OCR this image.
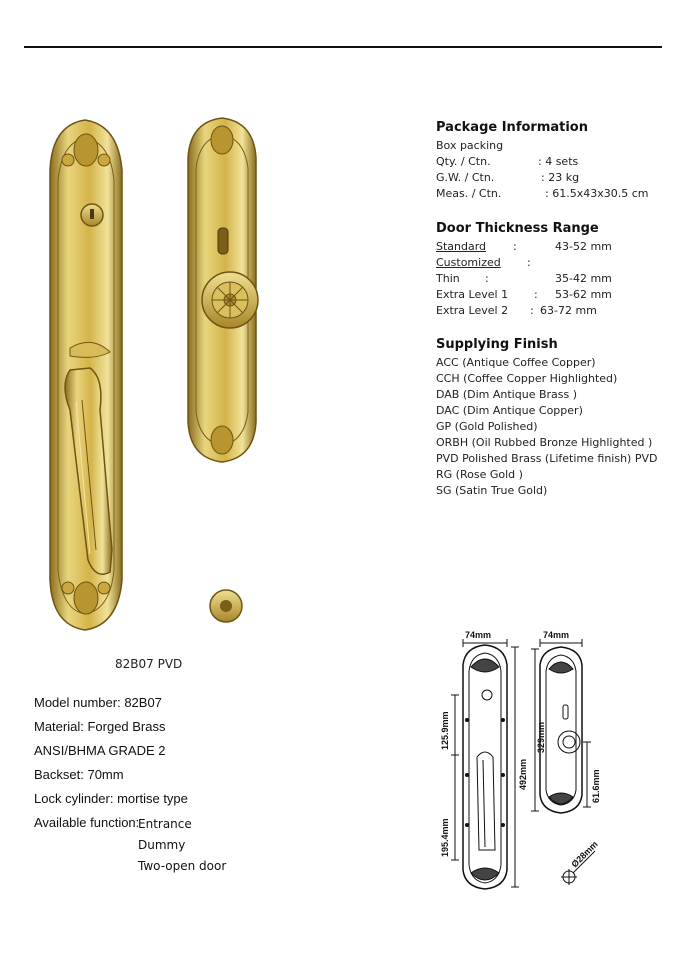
82B07 PVD
Package Information
Box packing
Qty. / Ctn.	: 4 sets
G.W. / Ctn.	: 23 kg
Meas. / Ctn.	: 61.5x43x30.5 cm
Door Thickness Range
Standard :	43-52 mm
Customized :
Thin :	35-42 mm
Extra Level 1 : 53-62 mm
Extra Level 2 : 63-72 mm
Supplying Finish
ACC (Antique Coffee Copper)
CCH (Coffee Copper Highlighted)
DAB (Dim Antique Brass )
DAC (Dim Antique Copper)
GP (Gold Polished)
ORBH (Oil Rubbed Bronze Highlighted )
PVD Polished Brass (Lifetime finish) PVD
RG (Rose Gold )
SG (Satin True Gold)
Model number: 82B07
Material: Forged Brass
ANSI/BHMA GRADE 2
Backset: 70mm
Lock cylinder: mortise type
Available function:
Entrance
Dummy
Two-open door
74mm	74mm
125.9mm
195.4mm
492mm
329mm
61.6mm
Ø28mm
